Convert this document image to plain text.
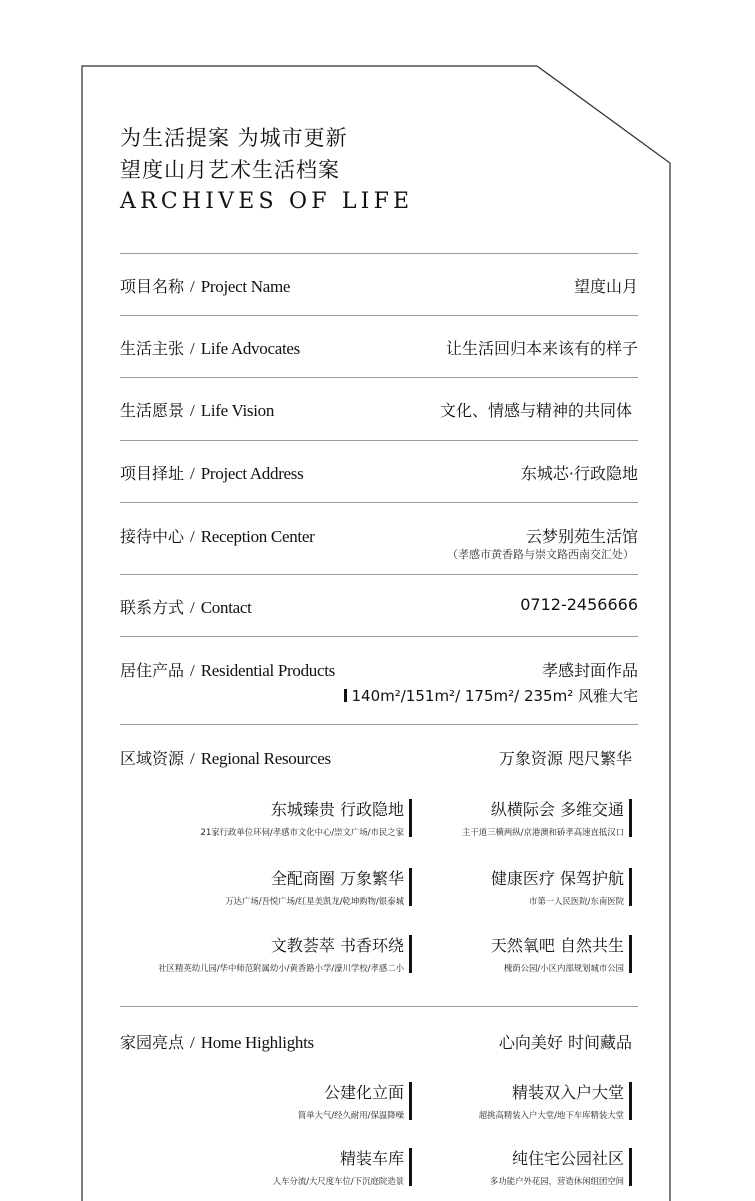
为生活提案 为城市更新
望度山月艺术生活档案
ARCHIVES OF LIFE
项目名称 / Project Name	望度山月
生活主张 / Life Advocates	让生活回归本来该有的样子
生活愿景 / Life Vision	文化、情感与精神的共同体
项目择址 / Project Address	东城芯·行政隐地
接待中心 / Reception Center	云梦别苑生活馆
（孝感市黄香路与崇文路西南交汇处）
联系方式 / Contact	0712-2456666
居住产品 / Residential Products	孝感封面作品
140m²/151m²/ 175m²/ 235m² 风雅大宅
区域资源 / Regional Resources	万象资源 咫尺繁华
东城臻贵 行政隐地
21家行政单位环伺/孝感市文化中心/崇文广场/市民之家
纵横际会 多维交通
主干道三横两纵/京港澳和硚孝高速直抵汉口
全配商圈 万象繁华
万达广场/吾悦广场/红星美凯龙/乾坤购物/银泰城
健康医疗 保驾护航
市第一人民医院/东南医院
文教荟萃 书香环绕
社区精英幼儿园/华中师范附属幼小/黄香路小学/濠川学校/孝感二小
天然氧吧 自然共生
槐荫公园/小区内部规划城市公园
家园亮点 / Home Highlights	心向美好 时间藏品
公建化立面
简单大气/经久耐用/保温降噪
精装双入户大堂
超挑高精装入户大堂/地下车库精装大堂
精装车库
人车分流/大尺度车位/下沉庭院造景
纯住宅公园社区
多功能户外花园，营造休闲组团空间
